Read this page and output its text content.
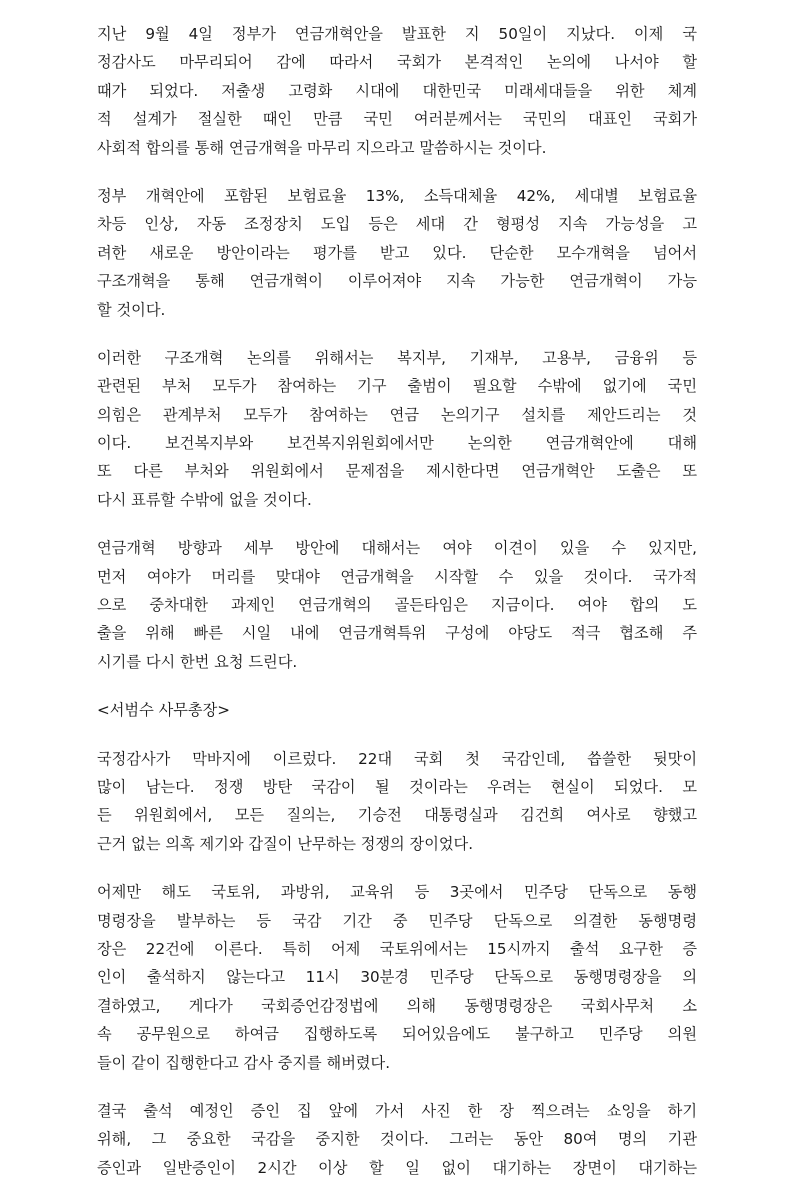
지난 9월 4일 정부가 연금개혁안을 발표한 지 50일이 지났다. 이제 국
정감사도 마무리되어 감에 따라서 국회가 본격적인 논의에 나서야 할
때가 되었다. 저출생 고령화 시대에 대한민국 미래세대들을 위한 체계
적 설계가 절실한 때인 만큼 국민 여러분께서는 국민의 대표인 국회가
사회적 합의를 통해 연금개혁을 마무리 지으라고 말씀하시는 것이다.
정부 개혁안에 포함된 보험료율 13%, 소득대체율 42%, 세대별 보험료율
차등 인상, 자동 조정장치 도입 등은 세대 간 형평성 지속 가능성을 고
려한 새로운 방안이라는 평가를 받고 있다. 단순한 모수개혁을 넘어서
구조개혁을 통해 연금개혁이 이루어져야 지속 가능한 연금개혁이 가능
할 것이다.
이러한 구조개혁 논의를 위해서는 복지부, 기재부, 고용부, 금융위 등
관련된 부처 모두가 참여하는 기구 출범이 필요할 수밖에 없기에 국민
의힘은 관계부처 모두가 참여하는 연금 논의기구 설치를 제안드리는 것
이다. 보건복지부와 보건복지위원회에서만 논의한 연금개혁안에 대해
또 다른 부처와 위원회에서 문제점을 제시한다면 연금개혁안 도출은 또
다시 표류할 수밖에 없을 것이다.
연금개혁 방향과 세부 방안에 대해서는 여야 이견이 있을 수 있지만,
먼저 여야가 머리를 맞대야 연금개혁을 시작할 수 있을 것이다. 국가적
으로 중차대한 과제인 연금개혁의 골든타임은 지금이다. 여야 합의 도
출을 위해 빠른 시일 내에 연금개혁특위 구성에 야당도 적극 협조해 주
시기를 다시 한번 요청 드린다.
<서범수 사무총장>
국정감사가 막바지에 이르렀다. 22대 국회 첫 국감인데, 씁쓸한 뒷맛이
많이 남는다. 정쟁 방탄 국감이 될 것이라는 우려는 현실이 되었다. 모
든 위원회에서, 모든 질의는, 기승전 대통령실과 김건희 여사로 향했고
근거 없는 의혹 제기와 갑질이 난무하는 정쟁의 장이었다.
어제만 해도 국토위, 과방위, 교육위 등 3곳에서 민주당 단독으로 동행
명령장을 발부하는 등 국감 기간 중 민주당 단독으로 의결한 동행명령
장은 22건에 이른다. 특히 어제 국토위에서는 15시까지 출석 요구한 증
인이 출석하지 않는다고 11시 30분경 민주당 단독으로 동행명령장을 의
결하였고, 게다가 국회증언감정법에 의해 동행명령장은 국회사무처 소
속 공무원으로 하여금 집행하도록 되어있음에도 불구하고 민주당 의원
들이 같이 집행한다고 감사 중지를 해버렸다.
결국 출석 예정인 증인 집 앞에 가서 사진 한 장 찍으려는 쇼잉을 하기
위해, 그 중요한 국감을 중지한 것이다. 그러는 동안 80여 명의 기관
증인과 일반증인이 2시간 이상 할 일 없이 대기하는 장면이 대기하는
